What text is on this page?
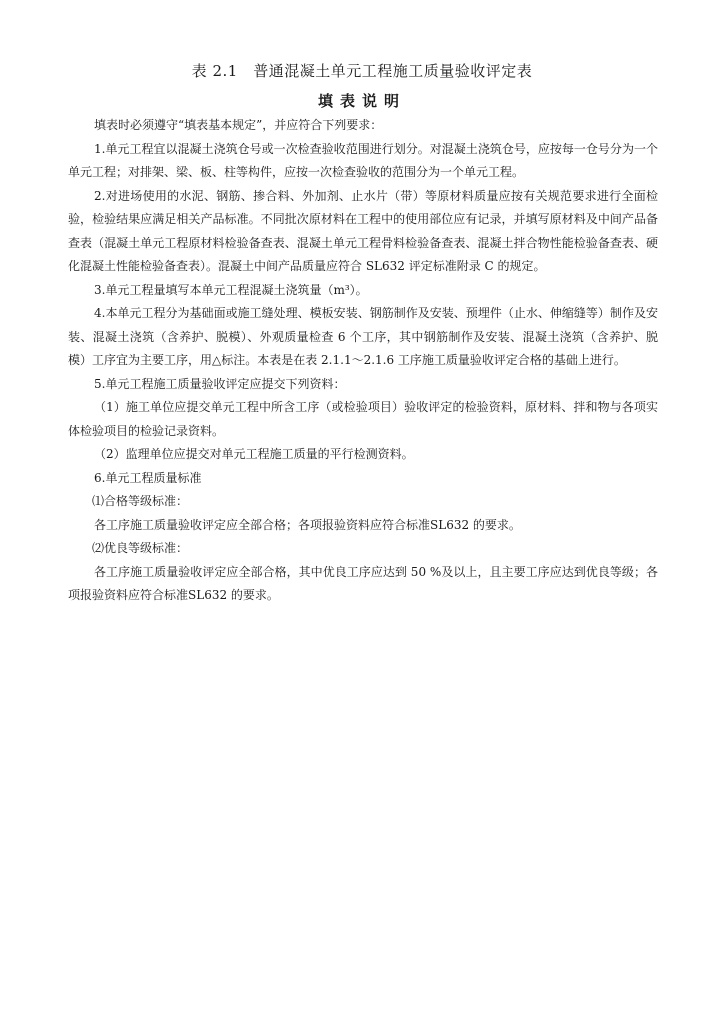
表 2.1　普通混凝土单元工程施工质量验收评定表
填表说明

填表时必须遵守“填表基本规定”，并应符合下列要求：

1.单元工程宜以混凝土浇筑仓号或一次检查验收范围进行划分。对混凝土浇筑仓号，应按每一仓号分为一个单元工程；对排架、梁、板、柱等构件，应按一次检查验收的范围分为一个单元工程。

2.对进场使用的水泥、钢筋、掺合料、外加剂、止水片（带）等原材料质量应按有关规范要求进行全面检验，检验结果应满足相关产品标准。不同批次原材料在工程中的使用部位应有记录，并填写原材料及中间产品备查表（混凝土单元工程原材料检验备查表、混凝土单元工程骨料检验备查表、混凝土拌合物性能检验备查表、硬化混凝土性能检验备查表）。混凝土中间产品质量应符合 SL632 评定标准附录 C 的规定。

3.单元工程量填写本单元工程混凝土浇筑量（m³）。

4.本单元工程分为基础面或施工缝处理、模板安装、钢筋制作及安装、预埋件（止水、伸缩缝等）制作及安装、混凝土浇筑（含养护、脱模）、外观质量检查 6 个工序，其中钢筋制作及安装、混凝土浇筑（含养护、脱模）工序宜为主要工序，用△标注。本表是在表 2.1.1～2.1.6 工序施工质量验收评定合格的基础上进行。

5.单元工程施工质量验收评定应提交下列资料：

（1）施工单位应提交单元工程中所含工序（或检验项目）验收评定的检验资料，原材料、拌和物与各项实体检验项目的检验记录资料。

（2）监理单位应提交对单元工程施工质量的平行检测资料。

6.单元工程质量标准

⑴合格等级标准：

各工序施工质量验收评定应全部合格；各项报验资料应符合标准SL632 的要求。

⑵优良等级标准：

各工序施工质量验收评定应全部合格，其中优良工序应达到 50 %及以上，且主要工序应达到优良等级；各项报验资料应符合标准SL632 的要求。
